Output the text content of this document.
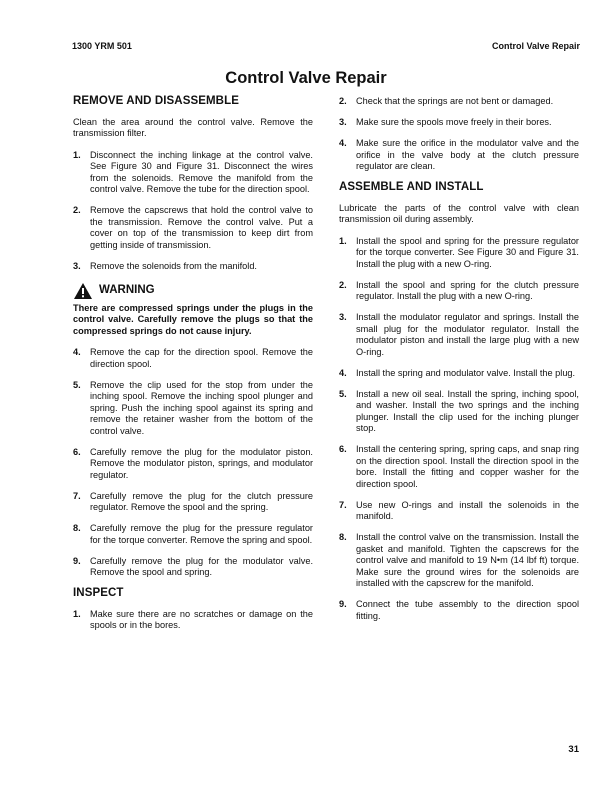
1300 YRM 501	Control Valve Repair
Control Valve Repair
REMOVE AND DISASSEMBLE
Clean the area around the control valve. Remove the transmission filter.
1. Disconnect the inching linkage at the control valve. See Figure 30 and Figure 31. Disconnect the wires from the solenoids. Remove the manifold from the control valve. Remove the tube for the direction spool.
2. Remove the capscrews that hold the control valve to the transmission. Remove the control valve. Put a cover on top of the transmission to keep dirt from getting inside of transmission.
3. Remove the solenoids from the manifold.
WARNING
There are compressed springs under the plugs in the control valve. Carefully remove the plugs so that the compressed springs do not cause injury.
4. Remove the cap for the direction spool. Remove the direction spool.
5. Remove the clip used for the stop from under the inching spool. Remove the inching spool plunger and spring. Push the inching spool against its spring and remove the retainer washer from the bottom of the control valve.
6. Carefully remove the plug for the modulator piston. Remove the modulator piston, springs, and modulator regulator.
7. Carefully remove the plug for the clutch pressure regulator. Remove the spool and the spring.
8. Carefully remove the plug for the pressure regulator for the torque converter. Remove the spring and spool.
9. Carefully remove the plug for the modulator valve. Remove the spool and spring.
INSPECT
1. Make sure there are no scratches or damage on the spools or in the bores.
2. Check that the springs are not bent or damaged.
3. Make sure the spools move freely in their bores.
4. Make sure the orifice in the modulator valve and the orifice in the valve body at the clutch pressure regulator are clean.
ASSEMBLE AND INSTALL
Lubricate the parts of the control valve with clean transmission oil during assembly.
1. Install the spool and spring for the pressure regulator for the torque converter. See Figure 30 and Figure 31. Install the plug with a new O-ring.
2. Install the spool and spring for the clutch pressure regulator. Install the plug with a new O-ring.
3. Install the modulator regulator and springs. Install the small plug for the modulator regulator. Install the modulator piston and install the large plug with a new O-ring.
4. Install the spring and modulator valve. Install the plug.
5. Install a new oil seal. Install the spring, inching spool, and washer. Install the two springs and the inching plunger. Install the clip used for the inching plunger stop.
6. Install the centering spring, spring caps, and snap ring on the direction spool. Install the direction spool in the bore. Install the fitting and copper washer for the direction spool.
7. Use new O-rings and install the solenoids in the manifold.
8. Install the control valve on the transmission. Install the gasket and manifold. Tighten the capscrews for the control valve and manifold to 19 N•m (14 lbf ft) torque. Make sure the ground wires for the solenoids are installed with the capscrew for the manifold.
9. Connect the tube assembly to the direction spool fitting.
31
